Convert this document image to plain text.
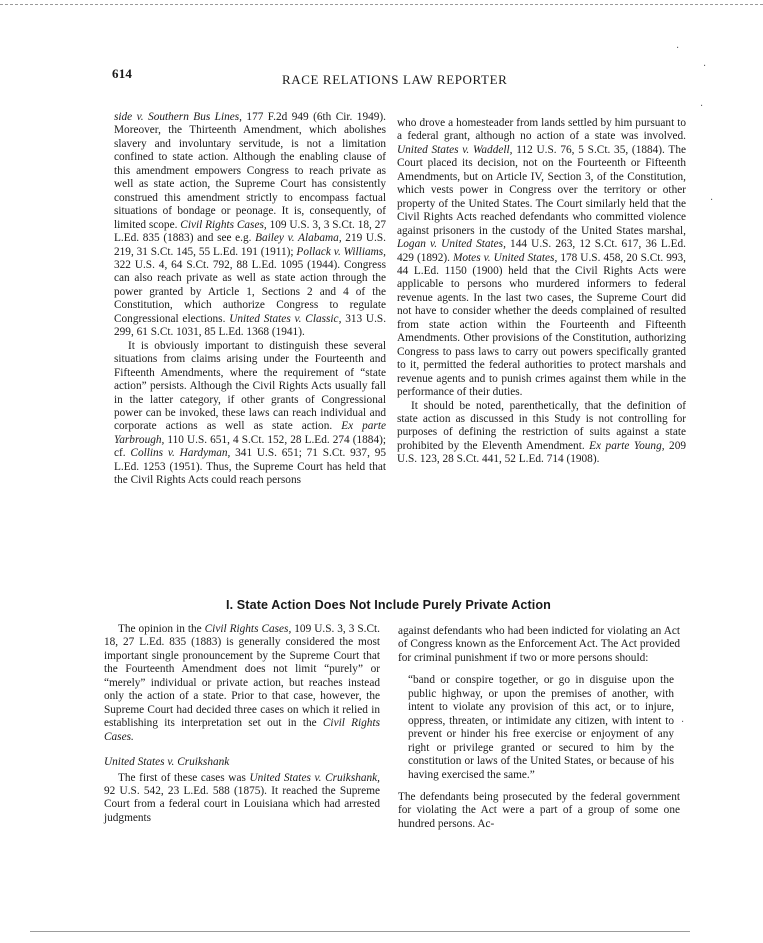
614	RACE RELATIONS LAW REPORTER

side v. Southern Bus Lines, 177 F.2d 949 (6th Cir. 1949). Moreover, the Thirteenth Amendment, which abolishes slavery and involuntary servitude, is not a limitation confined to state action. Although the enabling clause of this amendment empowers Congress to reach private as well as state action, the Supreme Court has consistently construed this amendment strictly to encompass factual situations of bondage or peonage. It is, consequently, of limited scope. Civil Rights Cases, 109 U.S. 3, 3 S.Ct. 18, 27 L.Ed. 835 (1883) and see e.g. Bailey v. Alabama, 219 U.S. 219, 31 S.Ct. 145, 55 L.Ed. 191 (1911); Pollack v. Williams, 322 U.S. 4, 64 S.Ct. 792, 88 L.Ed. 1095 (1944). Congress can also reach private as well as state action through the power granted by Article 1, Sections 2 and 4 of the Constitution, which authorize Congress to regulate Congressional elections. United States v. Classic, 313 U.S. 299, 61 S.Ct. 1031, 85 L.Ed. 1368 (1941).

It is obviously important to distinguish these several situations from claims arising under the Fourteenth and Fifteenth Amendments, where the requirement of “state action” persists. Although the Civil Rights Acts usually fall in the latter category, if other grants of Congressional power can be invoked, these laws can reach individual and corporate actions as well as state action. Ex parte Yarbrough, 110 U.S. 651, 4 S.Ct. 152, 28 L.Ed. 274 (1884); cf. Collins v. Hardyman, 341 U.S. 651; 71 S.Ct. 937, 95 L.Ed. 1253 (1951). Thus, the Supreme Court has held that the Civil Rights Acts could reach persons

who drove a homesteader from lands settled by him pursuant to a federal grant, although no action of a state was involved. United States v. Waddell, 112 U.S. 76, 5 S.Ct. 35, (1884). The Court placed its decision, not on the Fourteenth or Fifteenth Amendments, but on Article IV, Section 3, of the Constitution, which vests power in Congress over the territory or other property of the United States. The Court similarly held that the Civil Rights Acts reached defendants who committed violence against prisoners in the custody of the United States marshal, Logan v. United States, 144 U.S. 263, 12 S.Ct. 617, 36 L.Ed. 429 (1892). Motes v. United States, 178 U.S. 458, 20 S.Ct. 993, 44 L.Ed. 1150 (1900) held that the Civil Rights Acts were applicable to persons who murdered informers to federal revenue agents. In the last two cases, the Supreme Court did not have to consider whether the deeds complained of resulted from state action within the Fourteenth and Fifteenth Amendments. Other provisions of the Constitution, authorizing Congress to pass laws to carry out powers specifically granted to it, permitted the federal authorities to protect marshals and revenue agents and to punish crimes against them while in the performance of their duties.

It should be noted, parenthetically, that the definition of state action as discussed in this Study is not controlling for purposes of defining the restriction of suits against a state prohibited by the Eleventh Amendment. Ex parte Young, 209 U.S. 123, 28 S.Ct. 441, 52 L.Ed. 714 (1908).

I. State Action Does Not Include Purely Private Action

The opinion in the Civil Rights Cases, 109 U.S. 3, 3 S.Ct. 18, 27 L.Ed. 835 (1883) is generally considered the most important single pronouncement by the Supreme Court that the Fourteenth Amendment does not limit “purely” or “merely” individual or private action, but reaches instead only the action of a state. Prior to that case, however, the Supreme Court had decided three cases on which it relied in establishing its interpretation set out in the Civil Rights Cases.

United States v. Cruikshank

The first of these cases was United States v. Cruikshank, 92 U.S. 542, 23 L.Ed. 588 (1875). It reached the Supreme Court from a federal court in Louisiana which had arrested judgments

against defendants who had been indicted for violating an Act of Congress known as the Enforcement Act. The Act provided for criminal punishment if two or more persons should:

“band or conspire together, or go in disguise upon the public highway, or upon the premises of another, with intent to violate any provision of this act, or to injure, oppress, threaten, or intimidate any citizen, with intent to prevent or hinder his free exercise or enjoyment of any right or privilege granted or secured to him by the constitution or laws of the United States, or because of his having exercised the same.”

The defendants being prosecuted by the federal government for violating the Act were a part of a group of some one hundred persons. Ac-

·
·
·
·
·
